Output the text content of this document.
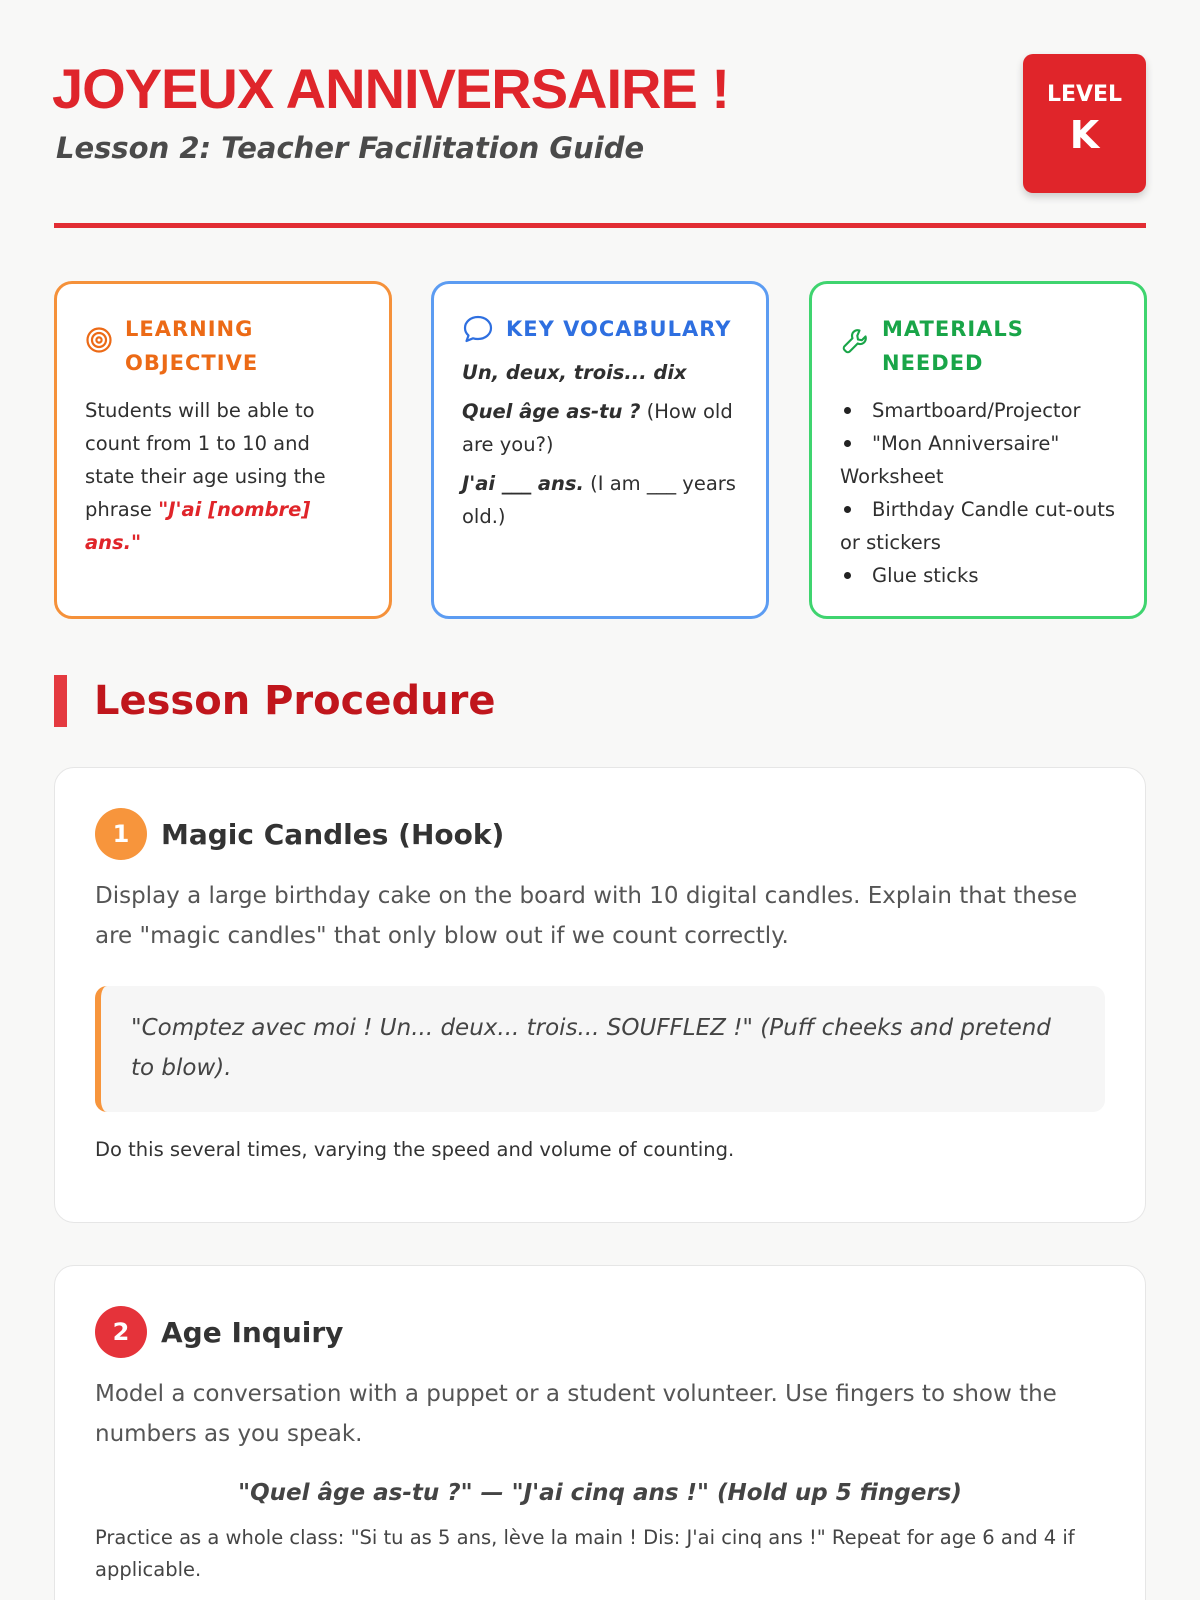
JOYEUX ANNIVERSAIRE !
Lesson 2: Teacher Facilitation Guide
LEVEL
K
LEARNING OBJECTIVE
Students will be able to count from 1 to 10 and state their age using the phrase "J'ai [nombre] ans."
KEY VOCABULARY

Un, deux, trois... dix

Quel âge as-tu ? (How old are you?)

J'ai ___ ans. (I am ___ years old.)

MATERIALS NEEDED
Smartboard/Projector
"Mon Anniversaire" Worksheet
Birthday Candle cut-outs or stickers
Glue sticks
Lesson Procedure
1	Magic Candles (Hook)
Display a large birthday cake on the board with 10 digital candles. Explain that these are "magic candles" that only blow out if we count correctly.
"Comptez avec moi ! Un... deux... trois... SOUFFLEZ !" (Puff cheeks and pretend to blow).
Do this several times, varying the speed and volume of counting.
2	Age Inquiry
Model a conversation with a puppet or a student volunteer. Use fingers to show the numbers as you speak.
"Quel âge as-tu ?" — "J'ai cinq ans !" (Hold up 5 fingers)
Practice as a whole class: "Si tu as 5 ans, lève la main ! Dis: J'ai cinq ans !" Repeat for age 6 and 4 if applicable.
